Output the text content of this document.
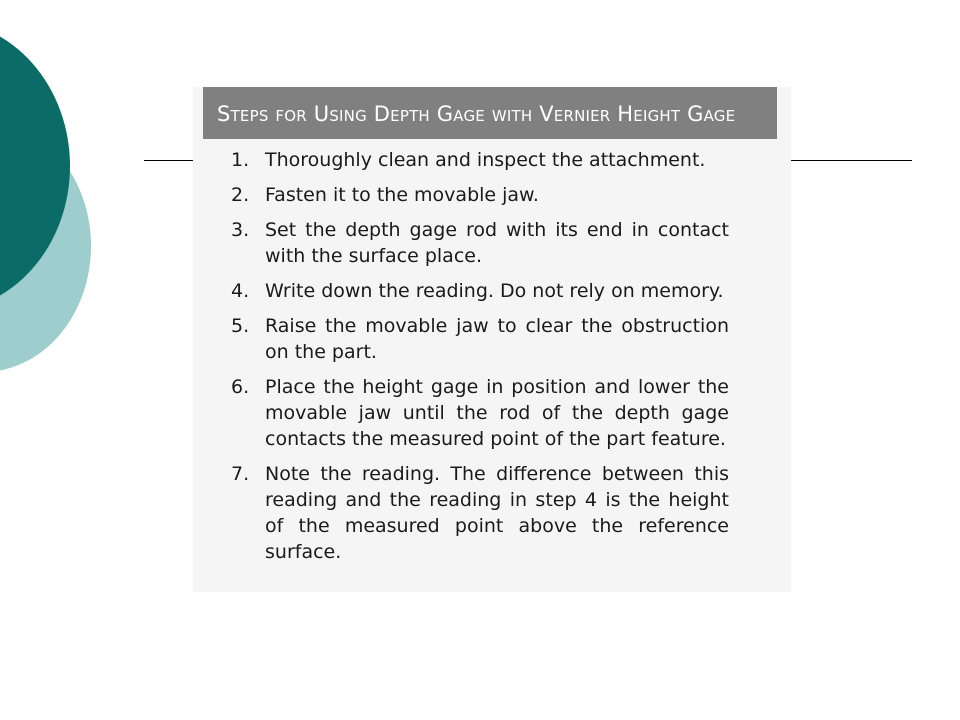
Steps for Using Depth Gage with Vernier Height Gage
1. Thoroughly clean and inspect the attachment.
2. Fasten it to the movable jaw.
3. Set the depth gage rod with its end in contact with the surface place.
4. Write down the reading. Do not rely on memory.
5. Raise the movable jaw to clear the obstruction on the part.
6. Place the height gage in position and lower the movable jaw until the rod of the depth gage contacts the measured point of the part feature.
7. Note the reading. The difference between this reading and the reading in step 4 is the height of the measured point above the reference surface.
